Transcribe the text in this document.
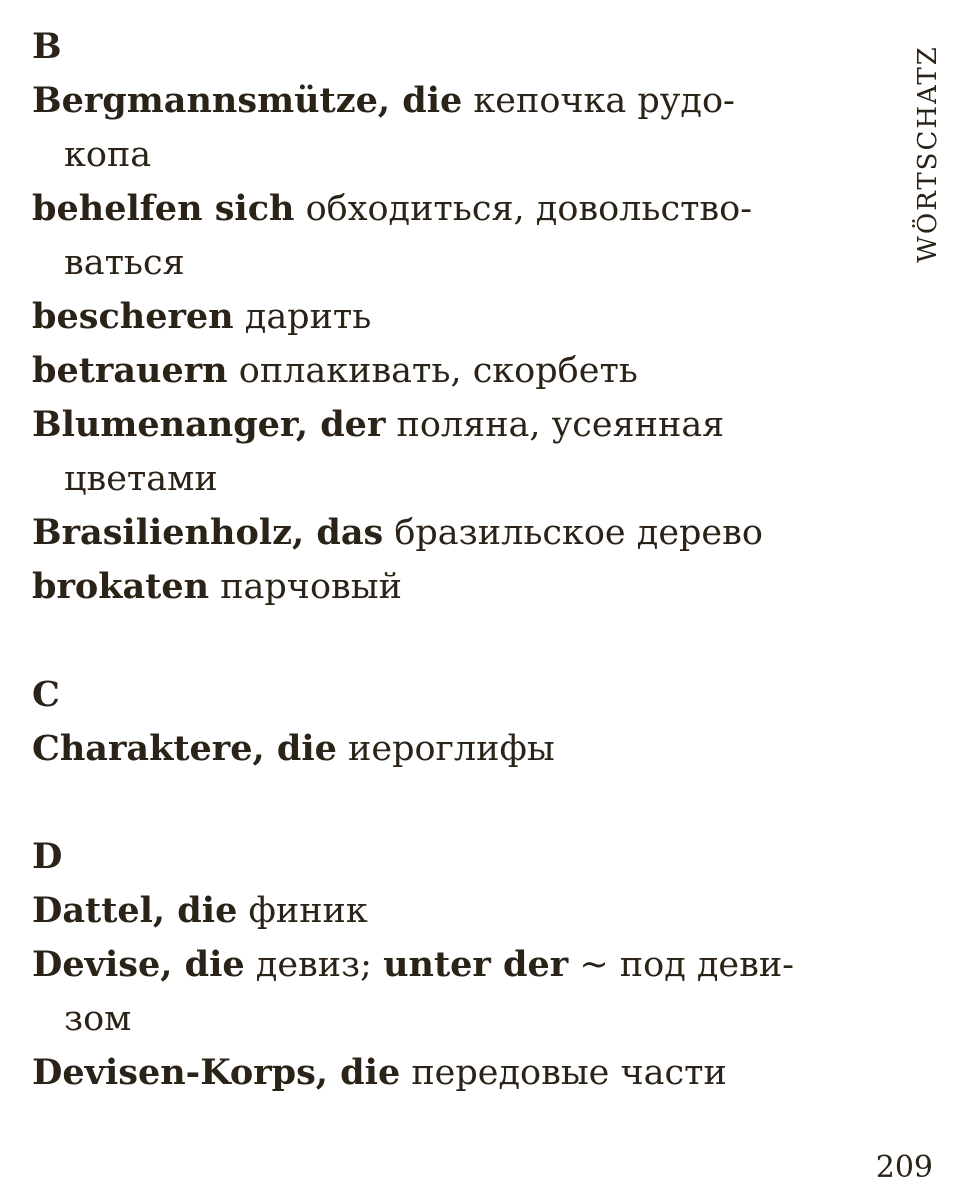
B
Bergmannsmütze, die кепочка рудо-
копа
behelfen sich обходиться, довольство-
ваться
bescheren дарить
betrauern оплакивать, скорбеть
Blumenanger, der поляна, усеянная
цветами
Brasilienholz, das бразильское дерево
brokaten парчовый
C
Charaktere, die иероглифы
D
Dattel, die финик
Devise, die девиз; unter der ~ под деви-
зом
Devisen-Korps, die передовые части
WÖRTSCHATZ
209
